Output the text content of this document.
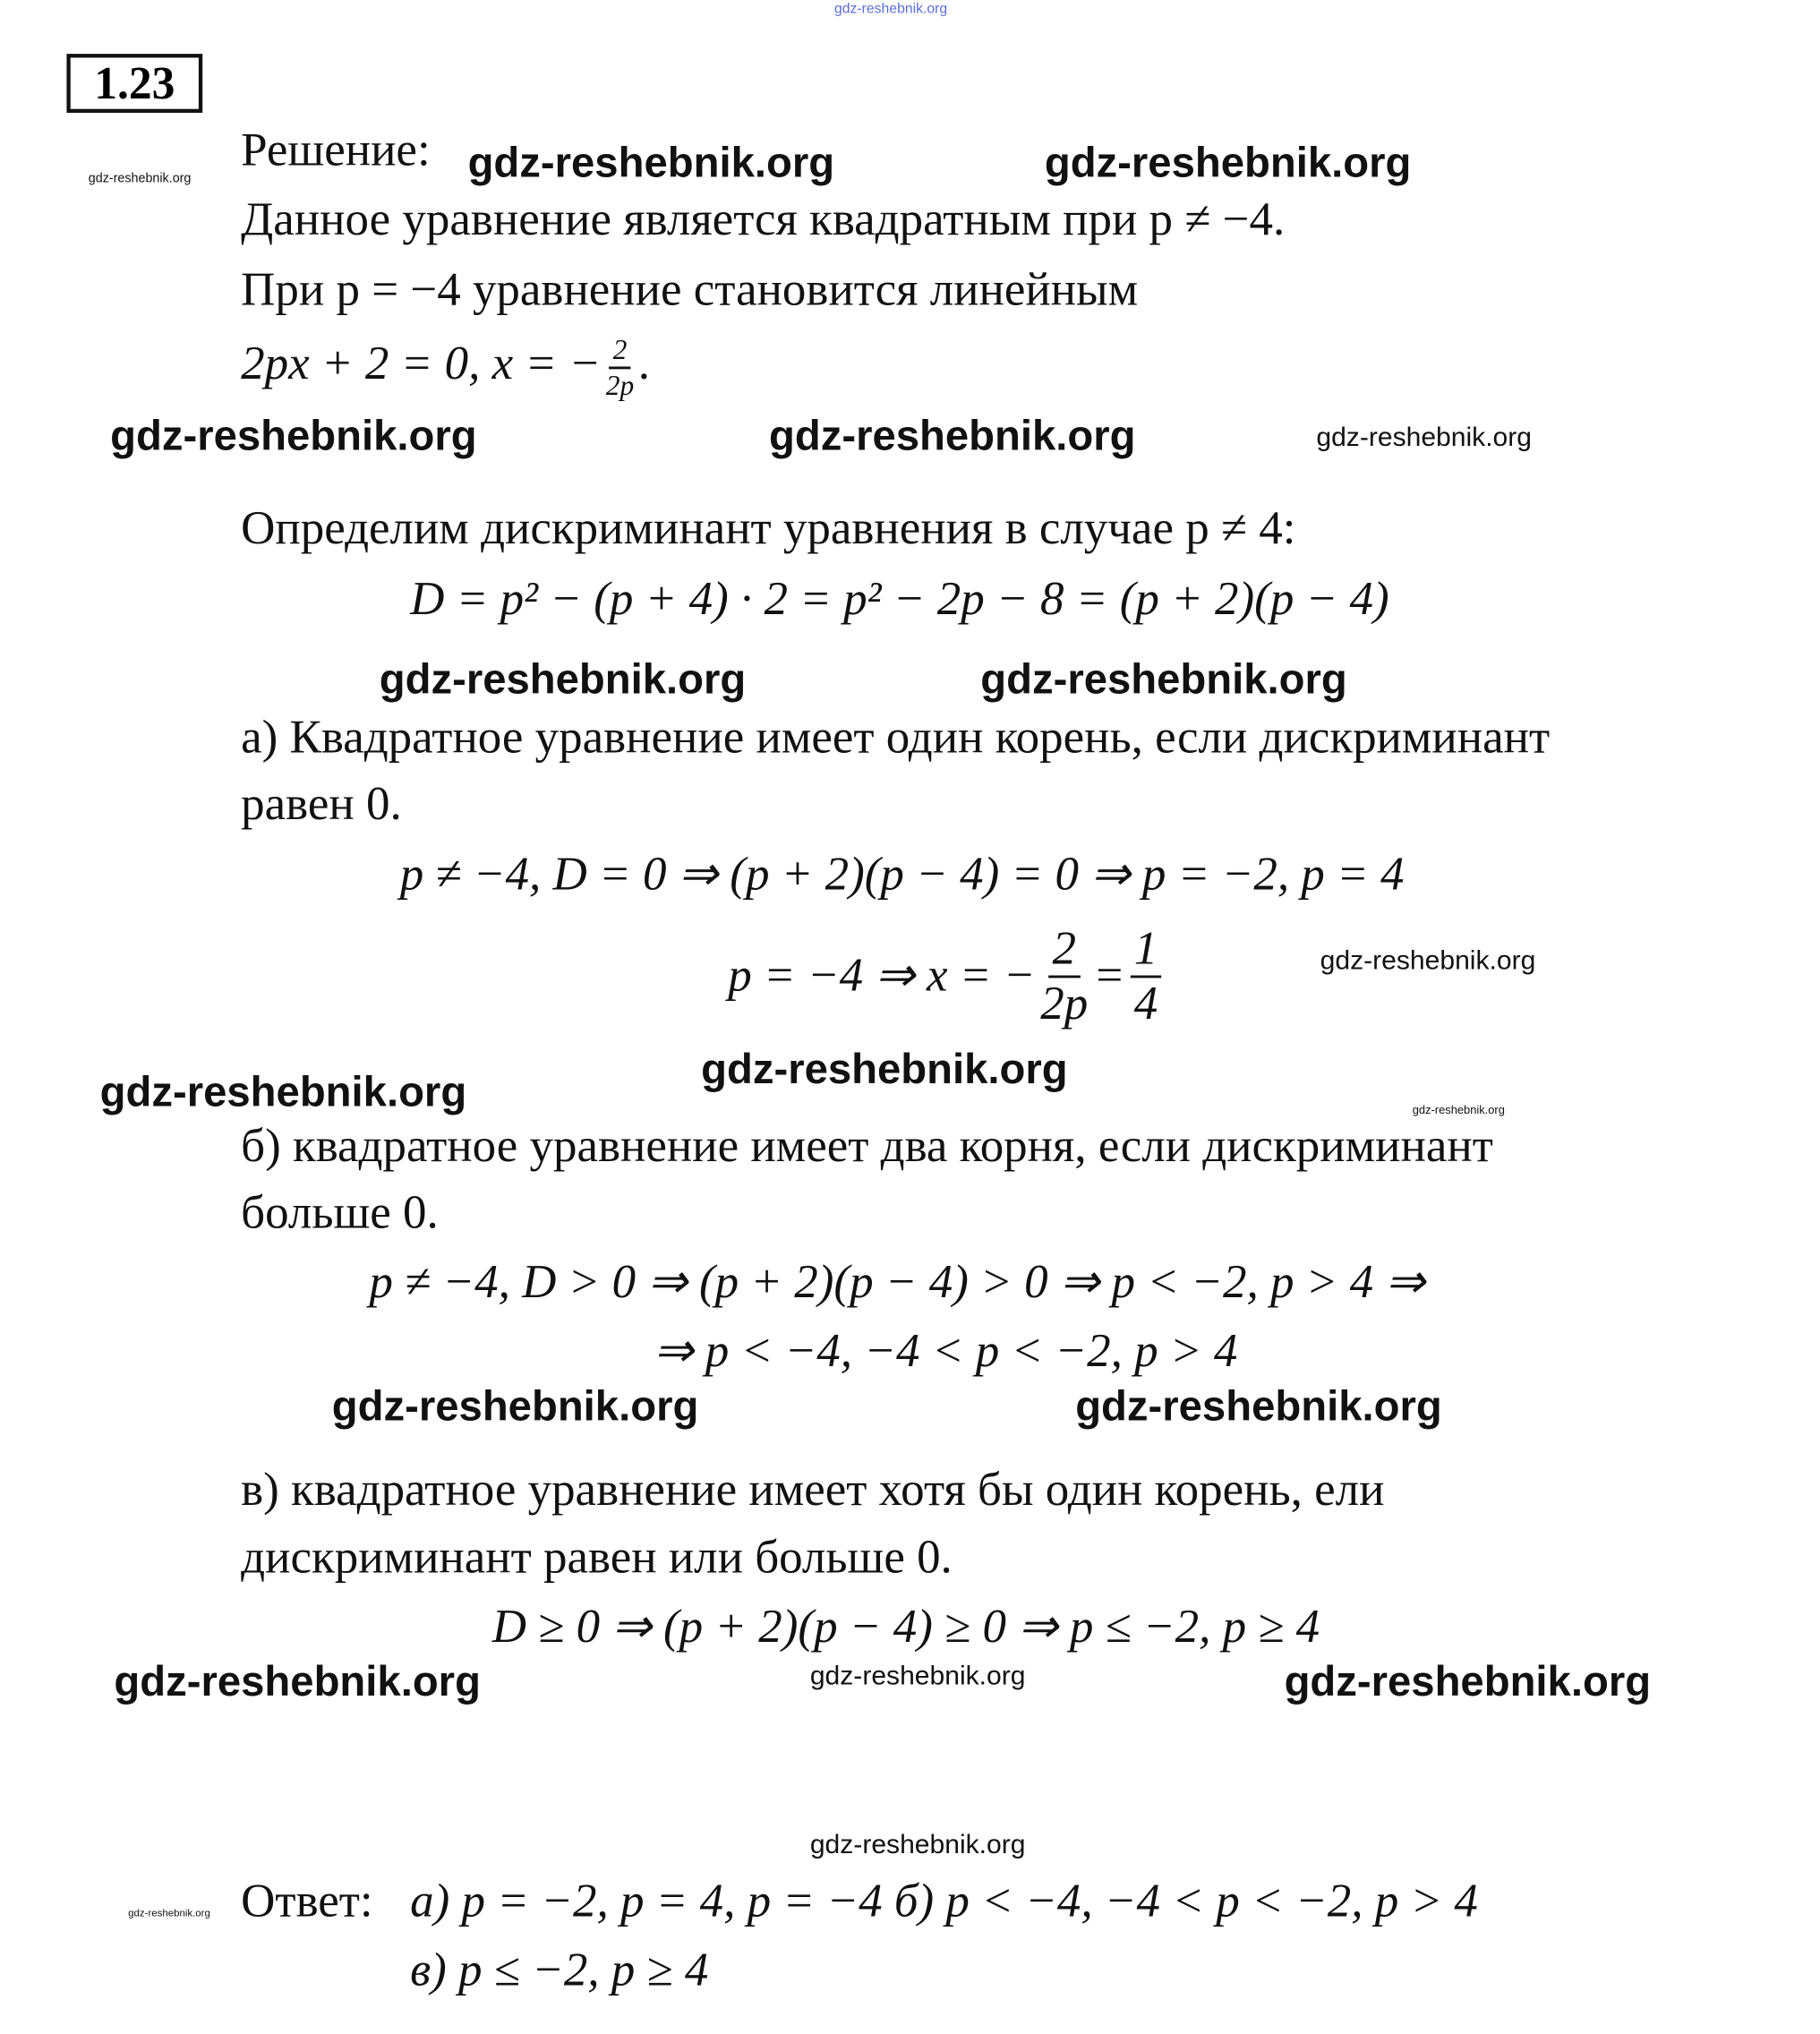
gdz-reshebnik.org
1.23
gdz-reshebnik.org
Решение: gdz-reshebnik.org	gdz-reshebnik.org
Данное уравнение является квадратным при p ≠ −4.
При p = −4 уравнение становится линейным
2px + 2 = 0, x = − $\frac{2}{2p}$ .
gdz-reshebnik.org	gdz-reshebnik.org	gdz-reshebnik.org
Определим дискриминант уравнения в случае p ≠ 4:
D = p² − (p + 4) · 2 = p² − 2p − 8 = (p + 2)(p − 4)
gdz-reshebnik.org	gdz-reshebnik.org
а) Квадратное уравнение имеет один корень, если дискриминант
равен 0.
p ≠ −4, D = 0 ⇒ (p + 2)(p − 4) = 0 ⇒ p = −2, p = 4
p = −4 ⇒ x = − $\frac{2}{2p} = \frac{1}{4}$	gdz-reshebnik.org
gdz-reshebnik.org
gdz-reshebnik.org	gdz-reshebnik.org
б) квадратное уравнение имеет два корня, если дискриминант
больше 0.
p ≠ −4, D > 0 ⇒ (p + 2)(p − 4) > 0 ⇒ p < −2, p > 4 ⇒
⇒ p < −4, −4 < p < −2, p > 4
gdz-reshebnik.org	gdz-reshebnik.org
в) квадратное уравнение имеет хотя бы один корень, ели
дискриминант равен или больше 0.
D ≥ 0 ⇒ (p + 2)(p − 4) ≥ 0 ⇒ p ≤ −2, p ≥ 4
gdz-reshebnik.org	gdz-reshebnik.org	gdz-reshebnik.org
gdz-reshebnik.org
gdz-reshebnik.org Ответ: а) p = −2, p = 4, p = −4 б) p < −4, −4 < p < −2, p > 4
в) p ≤ −2, p ≥ 4
